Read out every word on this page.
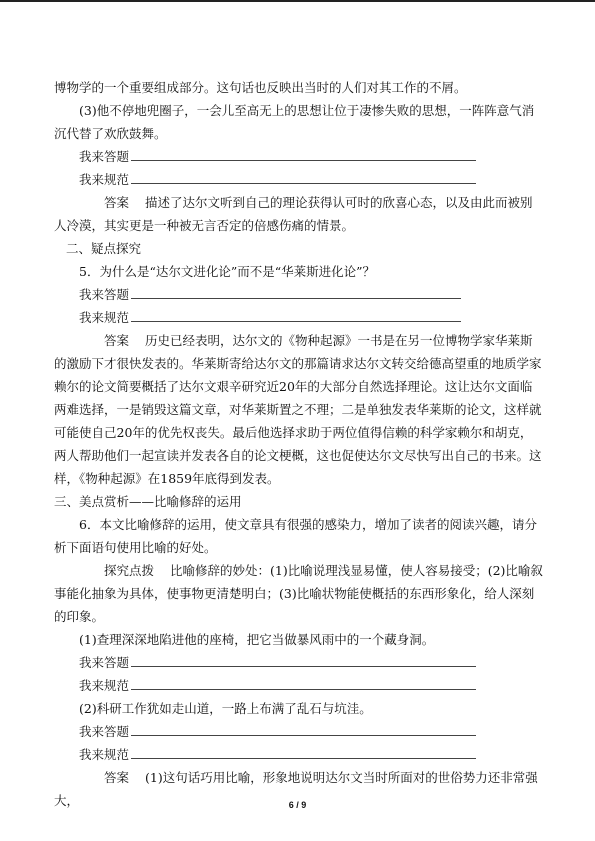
博物学的一个重要组成部分。这句话也反映出当时的人们对其工作的不屑。

(3)他不停地兜圈子，一会儿至高无上的思想让位于凄惨失败的思想，一阵阵意气消

沉代替了欢欣鼓舞。

我来答题
我来规范

答案 描述了达尔文听到自己的理论获得认可时的欣喜心态，以及由此而被别人冷漠，其实更是一种被无言否定的倍感伤痛的情景。

二、疑点探究

5．为什么是“达尔文进化论”而不是“华莱斯进化论”？

我来答题
我来规范

答案 历史已经表明，达尔文的《物种起源》一书是在另一位博物学家华莱斯的激励下才很快发表的。华莱斯寄给达尔文的那篇请求达尔文转交给德高望重的地质学家赖尔的论文简要概括了达尔文艰辛研究近20年的大部分自然选择理论。这让达尔文面临两难选择，一是销毁这篇文章，对华莱斯置之不理；二是单独发表华莱斯的论文，这样就可能使自己20年的优先权丧失。最后他选择求助于两位值得信赖的科学家赖尔和胡克，两人帮助他们一起宣读并发表各自的论文梗概，这也促使达尔文尽快写出自己的书来。这样，《物种起源》在1859年底得到发表。

三、美点赏析——比喻修辞的运用

6．本文比喻修辞的运用，使文章具有很强的感染力，增加了读者的阅读兴趣，请分析下面语句使用比喻的好处。

探究点拨 比喻修辞的妙处：(1)比喻说理浅显易懂，使人容易接受；(2)比喻叙事能化抽象为具体，使事物更清楚明白；(3)比喻状物能使概括的东西形象化，给人深刻的印象。

(1)查理深深地陷进他的座椅，把它当做暴风雨中的一个藏身洞。

我来答题
我来规范

(2)科研工作犹如走山道，一路上布满了乱石与坑洼。

我来答题
我来规范

答案 (1)这句话巧用比喻，形象地说明达尔文当时所面对的世俗势力还非常强大，	6 / 9
